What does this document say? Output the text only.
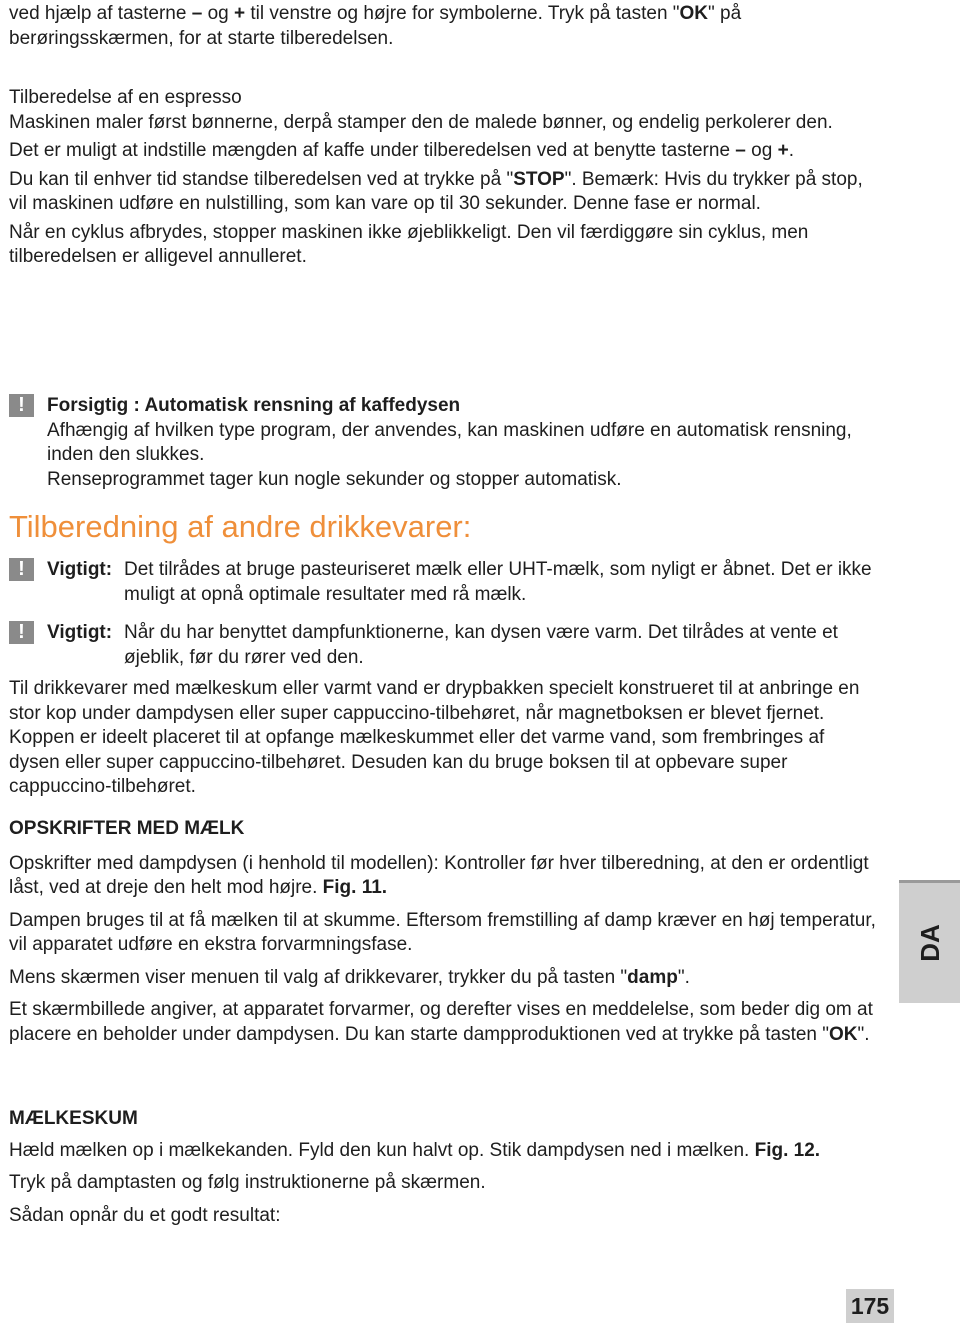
ved hjælp af tasterne – og + til venstre og højre for symbolerne. Tryk på tasten "OK" på berøringsskærmen, for at starte tilberedelsen.

Tilberedelse af en espresso

Maskinen maler først bønnerne, derpå stamper den de malede bønner, og endelig perkolerer den.

Det er muligt at indstille mængden af kaffe under tilberedelsen ved at benytte tasterne – og +.

Du kan til enhver tid standse tilberedelsen ved at trykke på "STOP". Bemærk: Hvis du trykker på stop, vil maskinen udføre en nulstilling, som kan vare op til 30 sekunder. Denne fase er normal.

Når en cyklus afbrydes, stopper maskinen ikke øjeblikkeligt. Den vil færdiggøre sin cyklus, men tilberedelsen er alligevel annulleret.

!	Forsigtig : Automatisk rensning af kaffedysen

Afhængig af hvilken type program, der anvendes, kan maskinen udføre en automatisk rensning, inden den slukkes.

Renseprogrammet tager kun nogle sekunder og stopper automatisk.

Tilberedning af andre drikkevarer:
!	Vigtigt: Det tilrådes at bruge pasteuriseret mælk eller UHT-mælk, som nyligt er åbnet. Det er ikke muligt at opnå optimale resultater med rå mælk.

!	Vigtigt: Når du har benyttet dampfunktionerne, kan dysen være varm. Det tilrådes at vente et øjeblik, før du rører ved den.

Til drikkevarer med mælkeskum eller varmt vand er drypbakken specielt konstrueret til at anbringe en stor kop under dampdysen eller super cappuccino-tilbehøret, når magnetboksen er blevet fjernet. Koppen er ideelt placeret til at opfange mælkeskummet eller det varme vand, som frembringes af dysen eller super cappuccino-tilbehøret. Desuden kan du bruge boksen til at opbevare super cappuccino-tilbehøret.

OPSKRIFTER MED MÆLK

Opskrifter med dampdysen (i henhold til modellen): Kontroller før hver tilberedning, at den er ordentligt låst, ved at dreje den helt mod højre. Fig. 11.

Dampen bruges til at få mælken til at skumme. Eftersom fremstilling af damp kræver en høj temperatur, vil apparatet udføre en ekstra forvarmningsfase.

Mens skærmen viser menuen til valg af drikkevarer, trykker du på tasten "damp".

Et skærmbillede angiver, at apparatet forvarmer, og derefter vises en meddelelse, som beder dig om at placere en beholder under dampdysen. Du kan starte dampproduktionen ved at trykke på tasten "OK".

MÆLKESKUM

Hæld mælken op i mælkekanden. Fyld den kun halvt op. Stik dampdysen ned i mælken. Fig. 12.

Tryk på damptasten og følg instruktionerne på skærmen.

Sådan opnår du et godt resultat:

DA
175
